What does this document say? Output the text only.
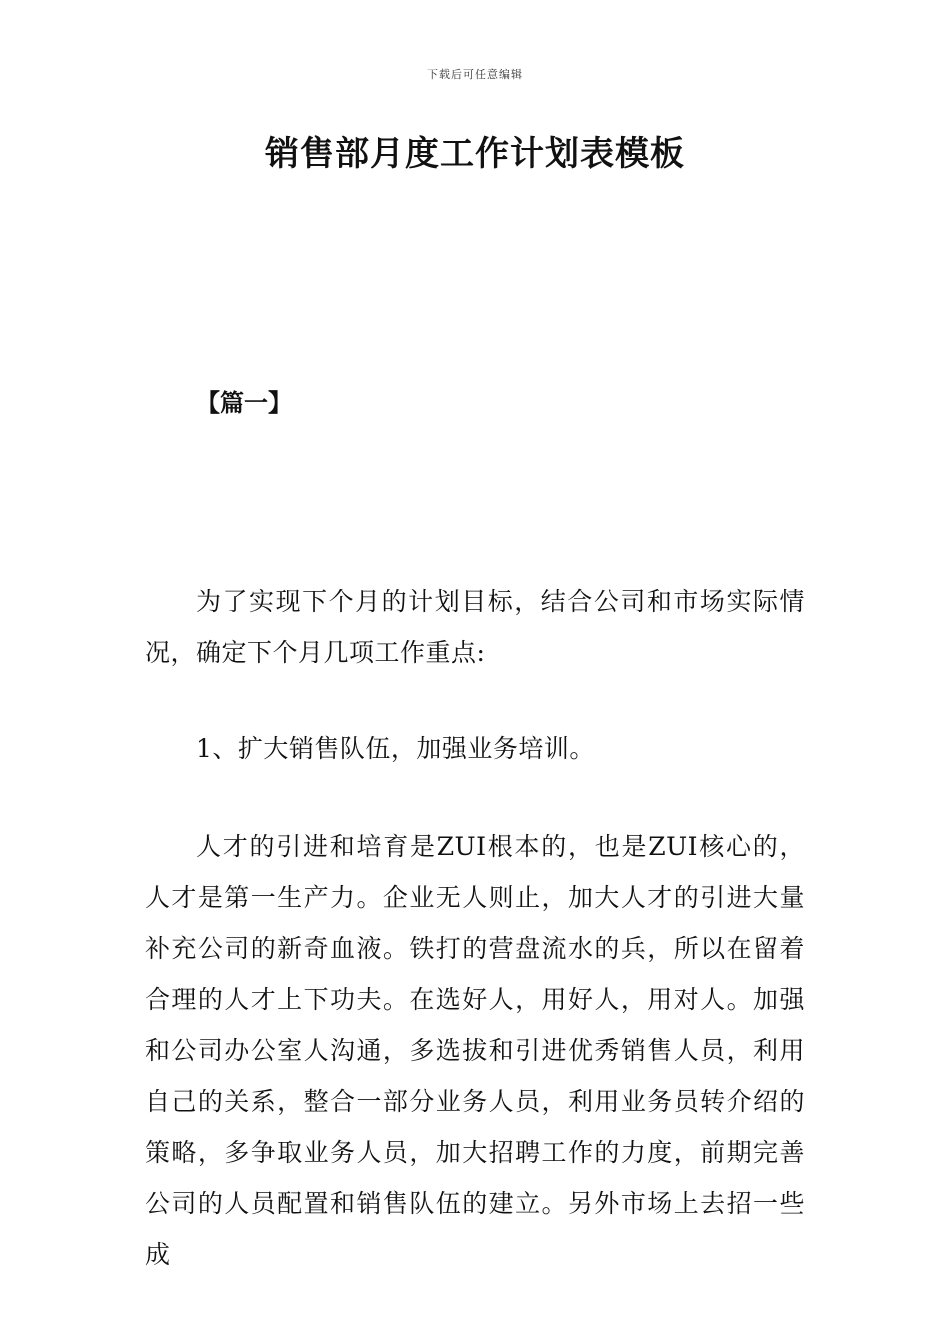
下载后可任意编辑
销售部月度工作计划表模板
【篇一】

为了实现下个月的计划目标，结合公司和市场实际情况，确定下个月几项工作重点:

1、扩大销售队伍，加强业务培训。

人才的引进和培育是ZUI根本的，也是ZUI核心的，人才是第一生产力。企业无人则止，加大人才的引进大量补充公司的新奇血液。铁打的营盘流水的兵，所以在留着合理的人才上下功夫。在选好人，用好人，用对人。加强和公司办公室人沟通，多选拔和引进优秀销售人员，利用自己的关系，整合一部分业务人员，利用业务员转介绍的策略，多争取业务人员，加大招聘工作的力度，前期完善公司的人员配置和销售队伍的建立。另外市场上去招一些成
